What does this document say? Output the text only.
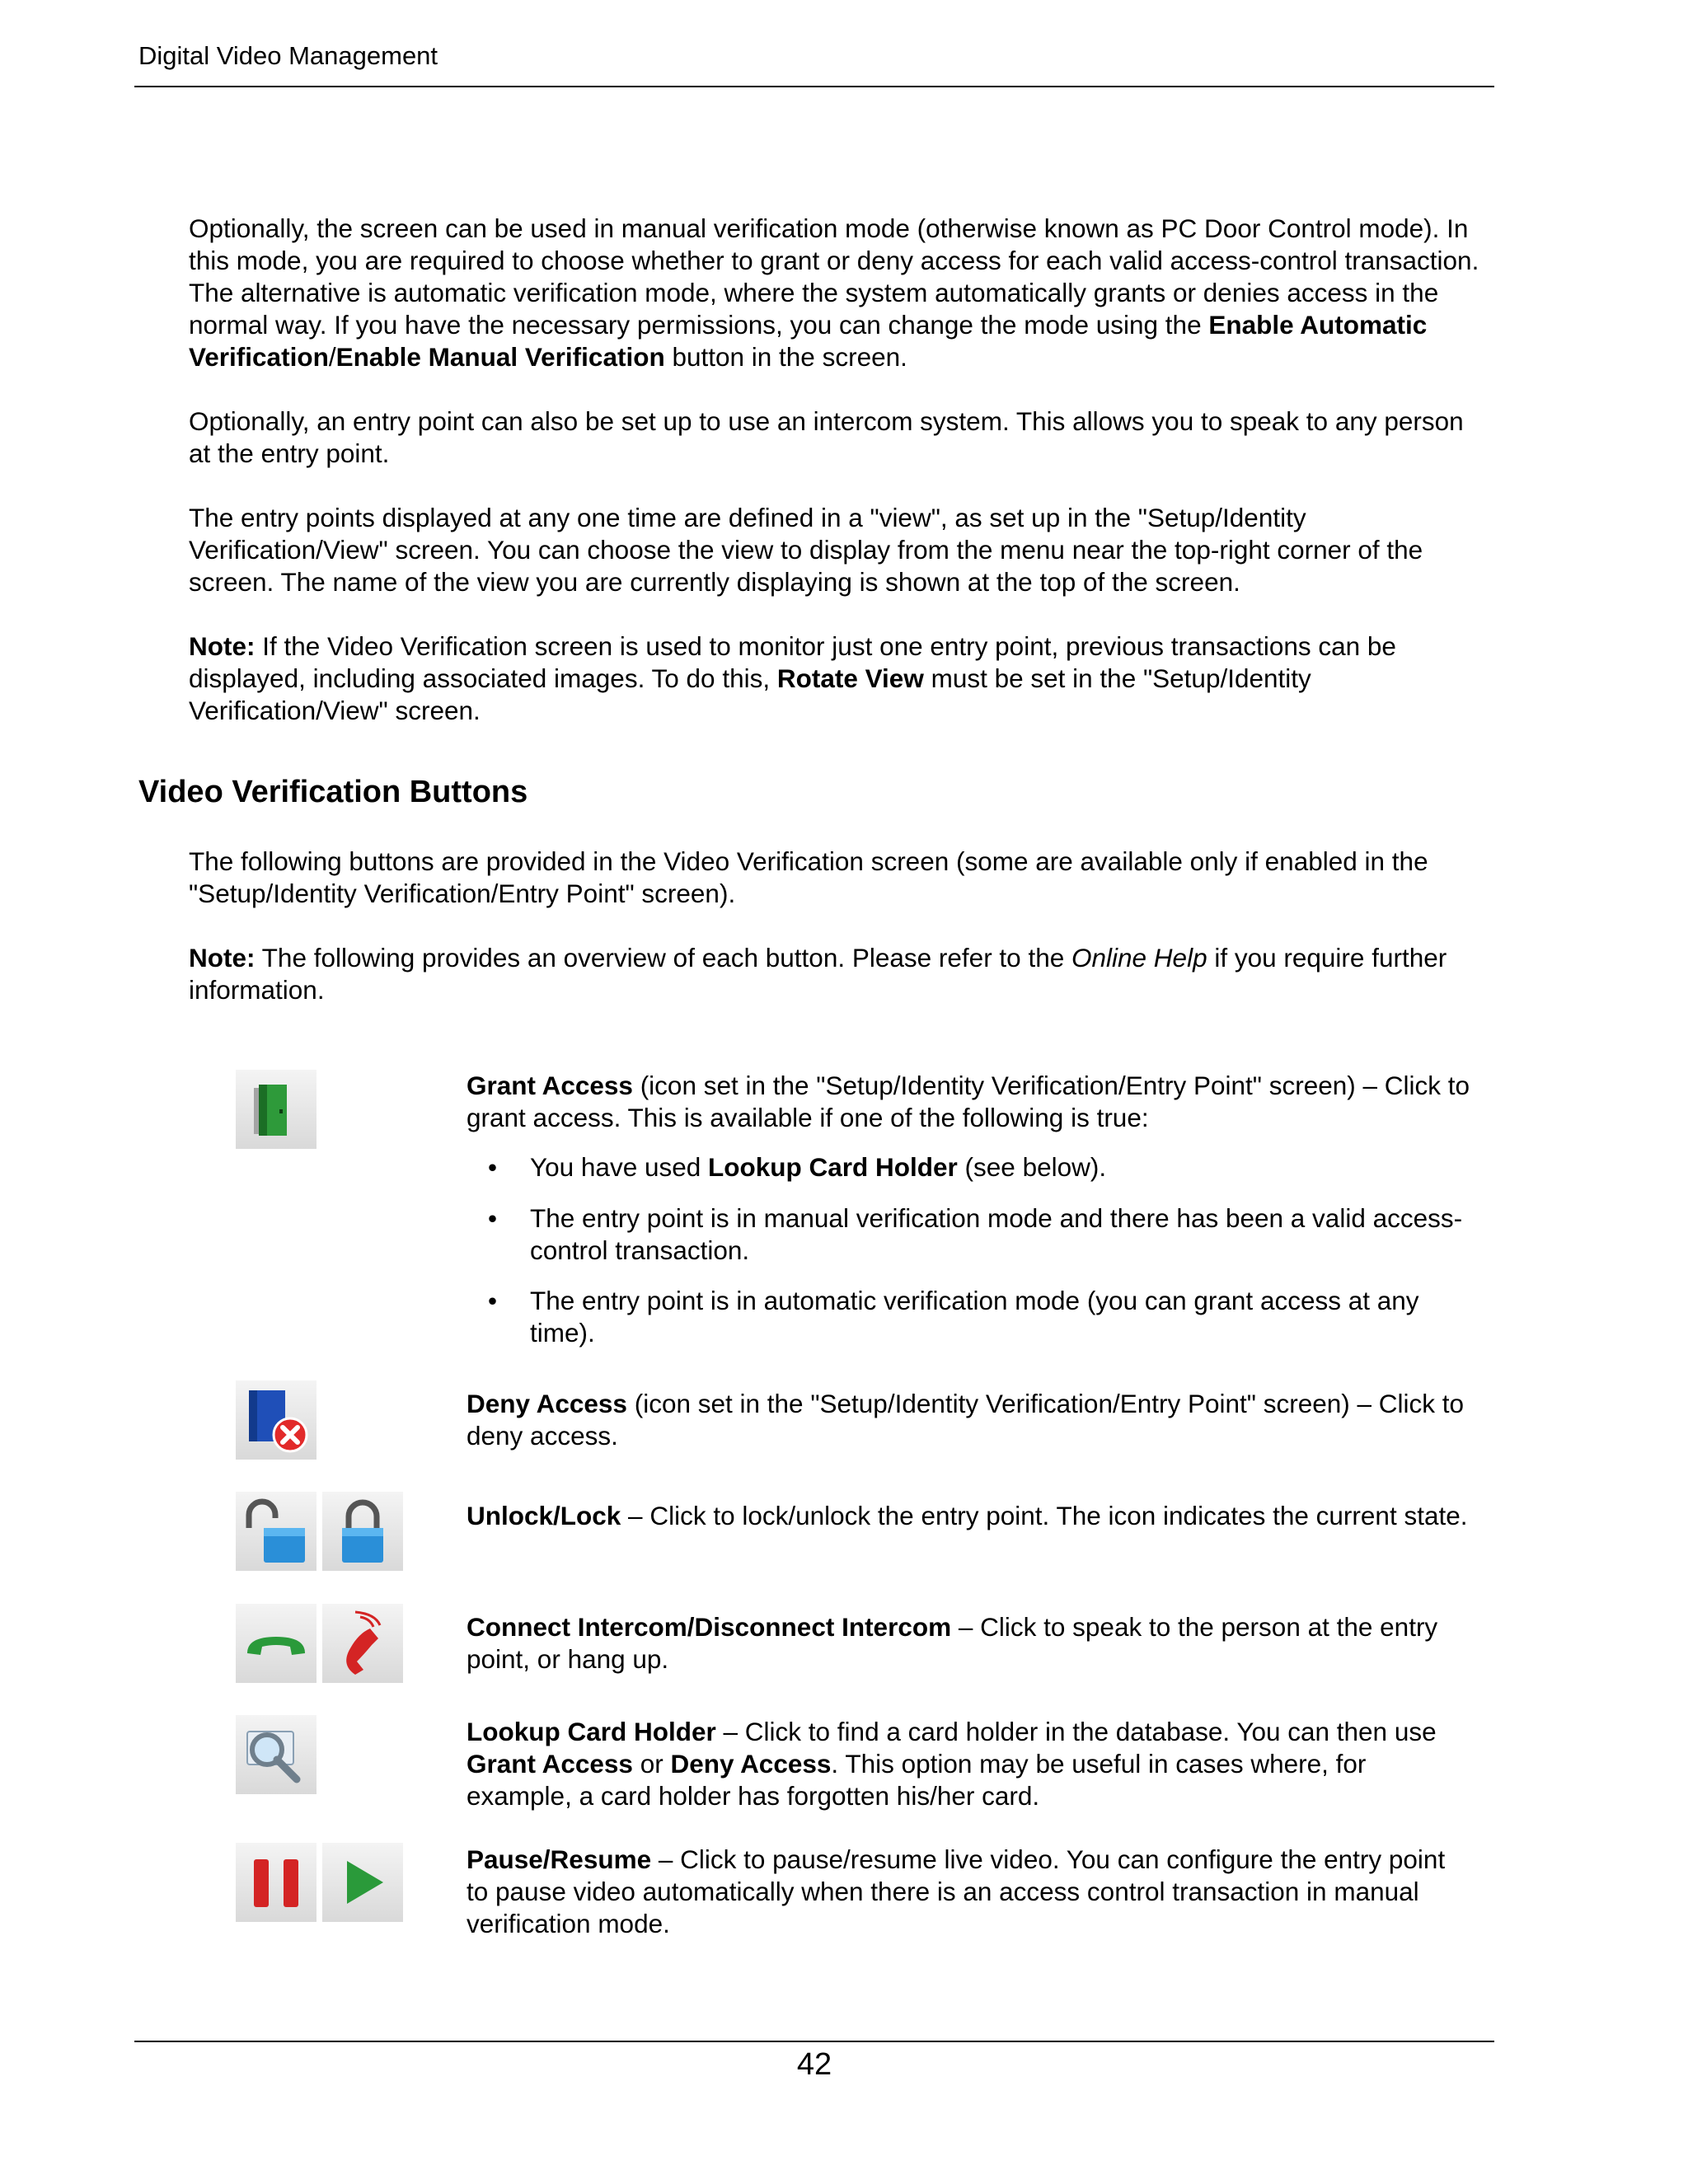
Digital Video Management
Optionally, the screen can be used in manual verification mode (otherwise known as PC Door Control mode). In this mode, you are required to choose whether to grant or deny access for each valid access-control transaction. The alternative is automatic verification mode, where the system automatically grants or denies access in the normal way. If you have the necessary permissions, you can change the mode using the Enable Automatic Verification/Enable Manual Verification button in the screen.
Optionally, an entry point can also be set up to use an intercom system. This allows you to speak to any person at the entry point.
The entry points displayed at any one time are defined in a "view", as set up in the "Setup/Identity Verification/View" screen. You can choose the view to display from the menu near the top-right corner of the screen. The name of the view you are currently displaying is shown at the top of the screen.
Note: If the Video Verification screen is used to monitor just one entry point, previous transactions can be displayed, including associated images. To do this, Rotate View must be set in the "Setup/Identity Verification/View" screen.
Video Verification Buttons
The following buttons are provided in the Video Verification screen (some are available only if enabled in the "Setup/Identity Verification/Entry Point" screen).
Note: The following provides an overview of each button. Please refer to the Online Help if you require further information.
Grant Access (icon set in the "Setup/Identity Verification/Entry Point" screen) – Click to grant access. This is available if one of the following is true:
• You have used Lookup Card Holder (see below).
• The entry point is in manual verification mode and there has been a valid access-control transaction.
• The entry point is in automatic verification mode (you can grant access at any time).
Deny Access (icon set in the "Setup/Identity Verification/Entry Point" screen) – Click to deny access.
Unlock/Lock – Click to lock/unlock the entry point. The icon indicates the current state.
Connect Intercom/Disconnect Intercom – Click to speak to the person at the entry point, or hang up.
Lookup Card Holder – Click to find a card holder in the database. You can then use Grant Access or Deny Access. This option may be useful in cases where, for example, a card holder has forgotten his/her card.
Pause/Resume – Click to pause/resume live video. You can configure the entry point to pause video automatically when there is an access control transaction in manual verification mode.
42
